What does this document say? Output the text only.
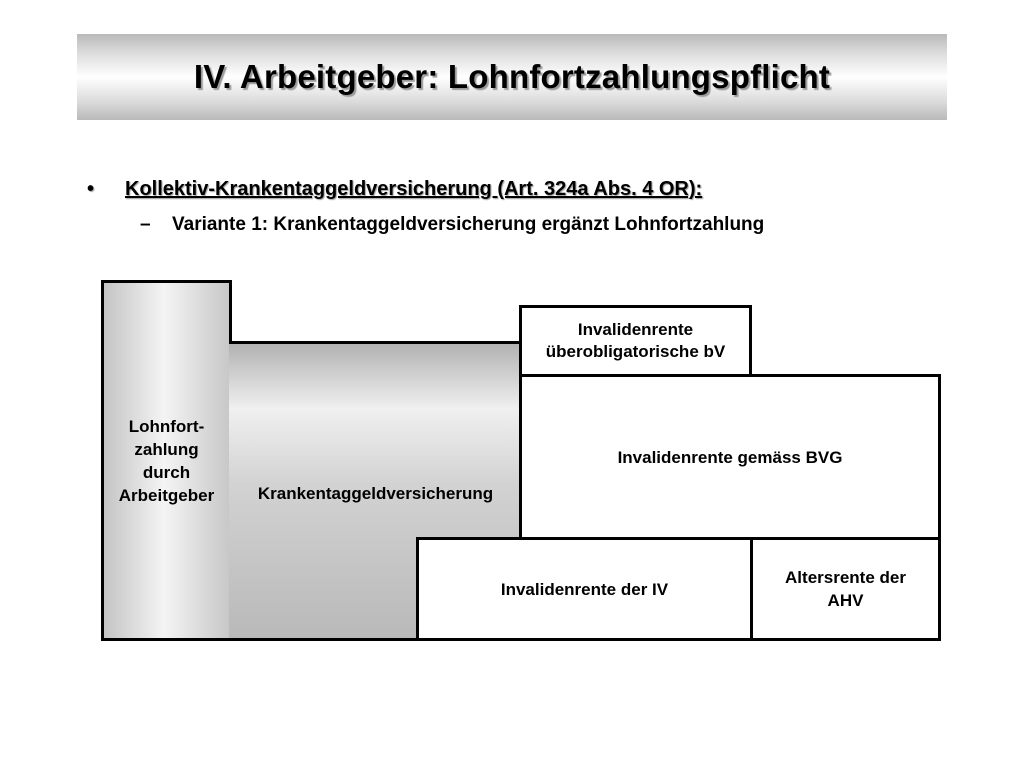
IV. Arbeitgeber: Lohnfortzahlungspflicht
•	Kollektiv-Krankentaggeldversicherung (Art. 324a Abs. 4 OR):
–	Variante 1: Krankentaggeldversicherung ergänzt Lohnfortzahlung
Lohnfort-
zahlung
durch
Arbeitgeber	Krankentaggeldversicherung
Invalidenrente
überobligatorische bV
Invalidenrente gemäss BVG
Invalidenrente der IV
Altersrente der
AHV
